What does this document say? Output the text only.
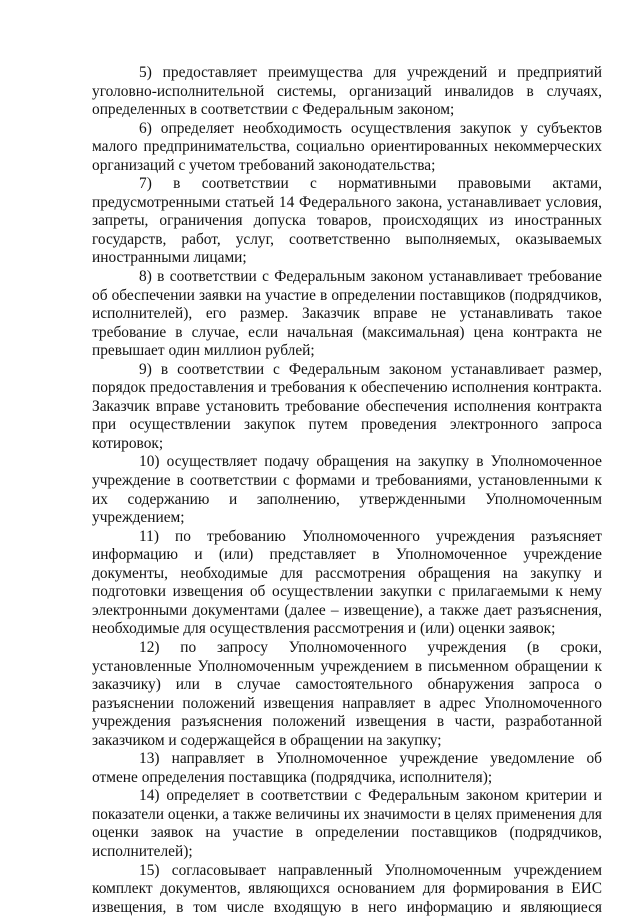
5) предоставляет преимущества для учреждений и предприятий уголовно-исполнительной системы, организаций инвалидов в случаях, определенных в соответствии с Федеральным законом;

6) определяет необходимость осуществления закупок у субъектов малого предпринимательства, социально ориентированных некоммерческих организаций с учетом требований законодательства;

7) в соответствии с нормативными правовыми актами, предусмотренными статьей 14 Федерального закона, устанавливает условия, запреты, ограничения допуска товаров, происходящих из иностранных государств, работ, услуг, соответственно выполняемых, оказываемых иностранными лицами;

8) в соответствии с Федеральным законом устанавливает требование об обеспечении заявки на участие в определении поставщиков (подрядчиков, исполнителей), его размер. Заказчик вправе не устанавливать такое требование в случае, если начальная (максимальная) цена контракта не превышает один миллион рублей;

9) в соответствии с Федеральным законом устанавливает размер, порядок предоставления и требования к обеспечению исполнения контракта. Заказчик вправе установить требование обеспечения исполнения контракта при осуществлении закупок путем проведения электронного запроса котировок;

10) осуществляет подачу обращения на закупку в Уполномоченное учреждение в соответствии с формами и требованиями, установленными к их содержанию и заполнению, утвержденными Уполномоченным учреждением;

11) по требованию Уполномоченного учреждения разъясняет информацию и (или) представляет в Уполномоченное учреждение документы, необходимые для рассмотрения обращения на закупку и подготовки извещения об осуществлении закупки с прилагаемыми к нему электронными документами (далее – извещение), а также дает разъяснения, необходимые для осуществления рассмотрения и (или) оценки заявок;

12) по запросу Уполномоченного учреждения (в сроки, установленные Уполномоченным учреждением в письменном обращении к заказчику) или в случае самостоятельного обнаружения запроса о разъяснении положений извещения направляет в адрес Уполномоченного учреждения разъяснения положений извещения в части, разработанной заказчиком и содержащейся в обращении на закупку;

13) направляет в Уполномоченное учреждение уведомление об отмене определения поставщика (подрядчика, исполнителя);

14) определяет в соответствии с Федеральным законом критерии и показатели оценки, а также величины их значимости в целях применения для оценки заявок на участие в определении поставщиков (подрядчиков, исполнителей);

15) согласовывает направленный Уполномоченным учреждением комплект документов, являющихся основанием для формирования в ЕИС извещения, в том числе входящую в него информацию и являющиеся
